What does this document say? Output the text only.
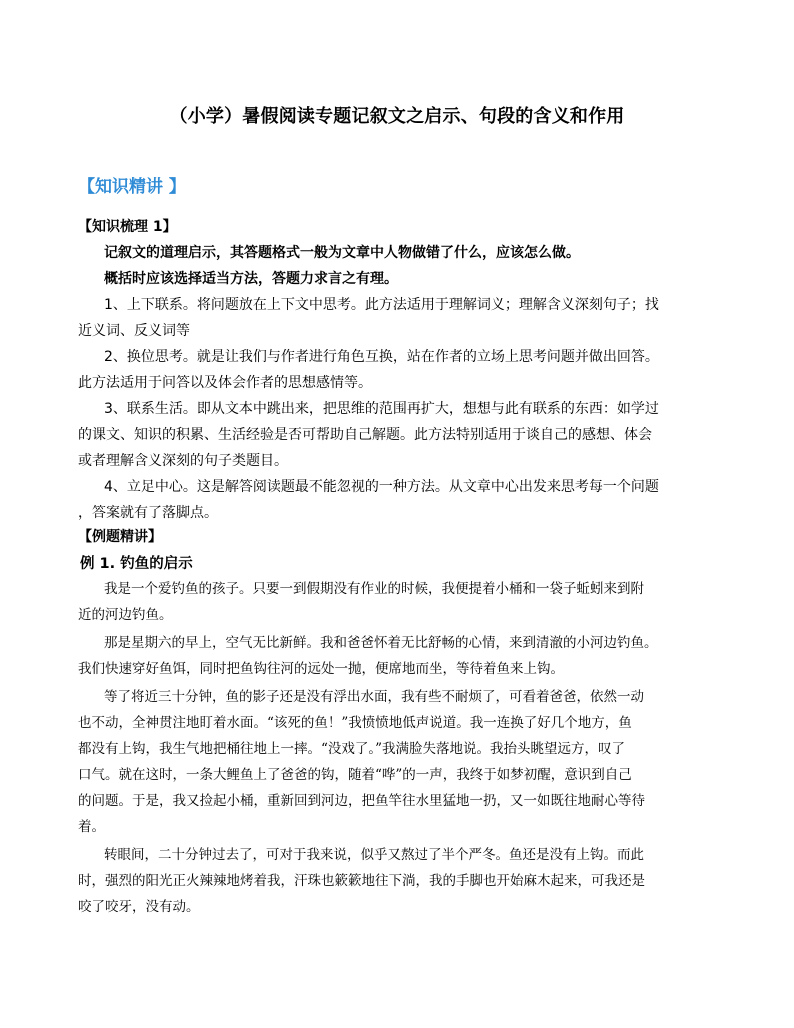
（小学）暑假阅读专题记叙文之启示、句段的含义和作用
【知识精讲 】
【知识梳理 1】
记叙文的道理启示，其答题格式一般为文章中人物做错了什么，应该怎么做。
概括时应该选择适当方法，答题力求言之有理。
1、上下联系。将问题放在上下文中思考。此方法适用于理解词义；理解含义深刻句子；找
近义词、反义词等
2、换位思考。就是让我们与作者进行角色互换，站在作者的立场上思考问题并做出回答。
此方法适用于问答以及体会作者的思想感情等。
3、联系生活。即从文本中跳出来，把思维的范围再扩大，想想与此有联系的东西：如学过
的课文、知识的积累、生活经验是否可帮助自己解题。此方法特别适用于谈自己的感想、体会
或者理解含义深刻的句子类题目。
4、立足中心。这是解答阅读题最不能忽视的一种方法。从文章中心出发来思考每一个问题
，答案就有了落脚点。
【例题精讲】
例 1. 钓鱼的启示
我是一个爱钓鱼的孩子。只要一到假期没有作业的时候，我便提着小桶和一袋子蚯蚓来到附
近的河边钓鱼。
那是星期六的早上，空气无比新鲜。我和爸爸怀着无比舒畅的心情，来到清澈的小河边钓鱼。
我们快速穿好鱼饵，同时把鱼钩往河的远处一抛，便席地而坐，等待着鱼来上钩。
等了将近三十分钟，鱼的影子还是没有浮出水面，我有些不耐烦了，可看着爸爸，依然一动
也不动，全神贯注地盯着水面。“该死的鱼！”我愤愤地低声说道。我一连换了好几个地方，鱼
都没有上钩，我生气地把桶往地上一摔。“没戏了。”我满脸失落地说。我抬头眺望远方，叹了
口气。就在这时，一条大鲤鱼上了爸爸的钩，随着“哗”的一声，我终于如梦初醒，意识到自己
的问题。于是，我又捡起小桶，重新回到河边，把鱼竿往水里猛地一扔，又一如既往地耐心等待
着。
转眼间，二十分钟过去了，可对于我来说，似乎又熬过了半个严冬。鱼还是没有上钩。而此
时，强烈的阳光正火辣辣地烤着我，汗珠也簌簌地往下淌，我的手脚也开始麻木起来，可我还是
咬了咬牙，没有动。
